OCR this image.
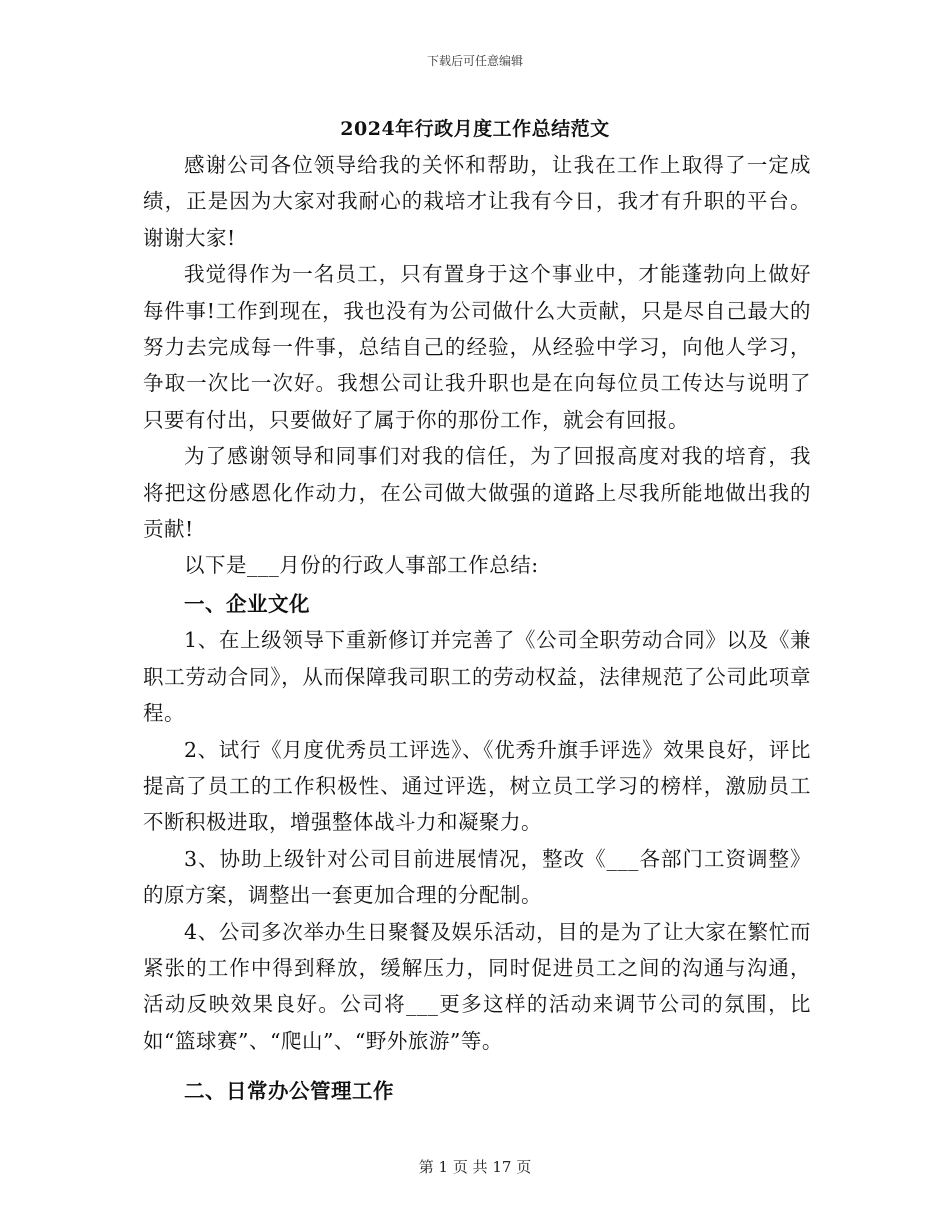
下载后可任意编辑
2024年行政月度工作总结范文

感谢公司各位领导给我的关怀和帮助，让我在工作上取得了一定成绩，正是因为大家对我耐心的栽培才让我有今日，我才有升职的平台。谢谢大家!

我觉得作为一名员工，只有置身于这个事业中，才能蓬勃向上做好每件事!工作到现在，我也没有为公司做什么大贡献，只是尽自己最大的努力去完成每一件事，总结自己的经验，从经验中学习，向他人学习，争取一次比一次好。我想公司让我升职也是在向每位员工传达与说明了只要有付出，只要做好了属于你的那份工作，就会有回报。

为了感谢领导和同事们对我的信任，为了回报高度对我的培育，我将把这份感恩化作动力，在公司做大做强的道路上尽我所能地做出我的贡献!

以下是___月份的行政人事部工作总结:

一、企业文化

1、在上级领导下重新修订并完善了《公司全职劳动合同》以及《兼职工劳动合同》，从而保障我司职工的劳动权益，法律规范了公司此项章程。

2、试行《月度优秀员工评选》、《优秀升旗手评选》效果良好，评比提高了员工的工作积极性、通过评选，树立员工学习的榜样，激励员工不断积极进取，增强整体战斗力和凝聚力。

3、协助上级针对公司目前进展情况，整改《___各部门工资调整》的原方案，调整出一套更加合理的分配制。

4、公司多次举办生日聚餐及娱乐活动，目的是为了让大家在繁忙而紧张的工作中得到释放，缓解压力，同时促进员工之间的沟通与沟通，活动反映效果良好。公司将___更多这样的活动来调节公司的氛围，比如“篮球赛”、“爬山”、“野外旅游”等。

二、日常办公管理工作

第 1 页 共 17 页
